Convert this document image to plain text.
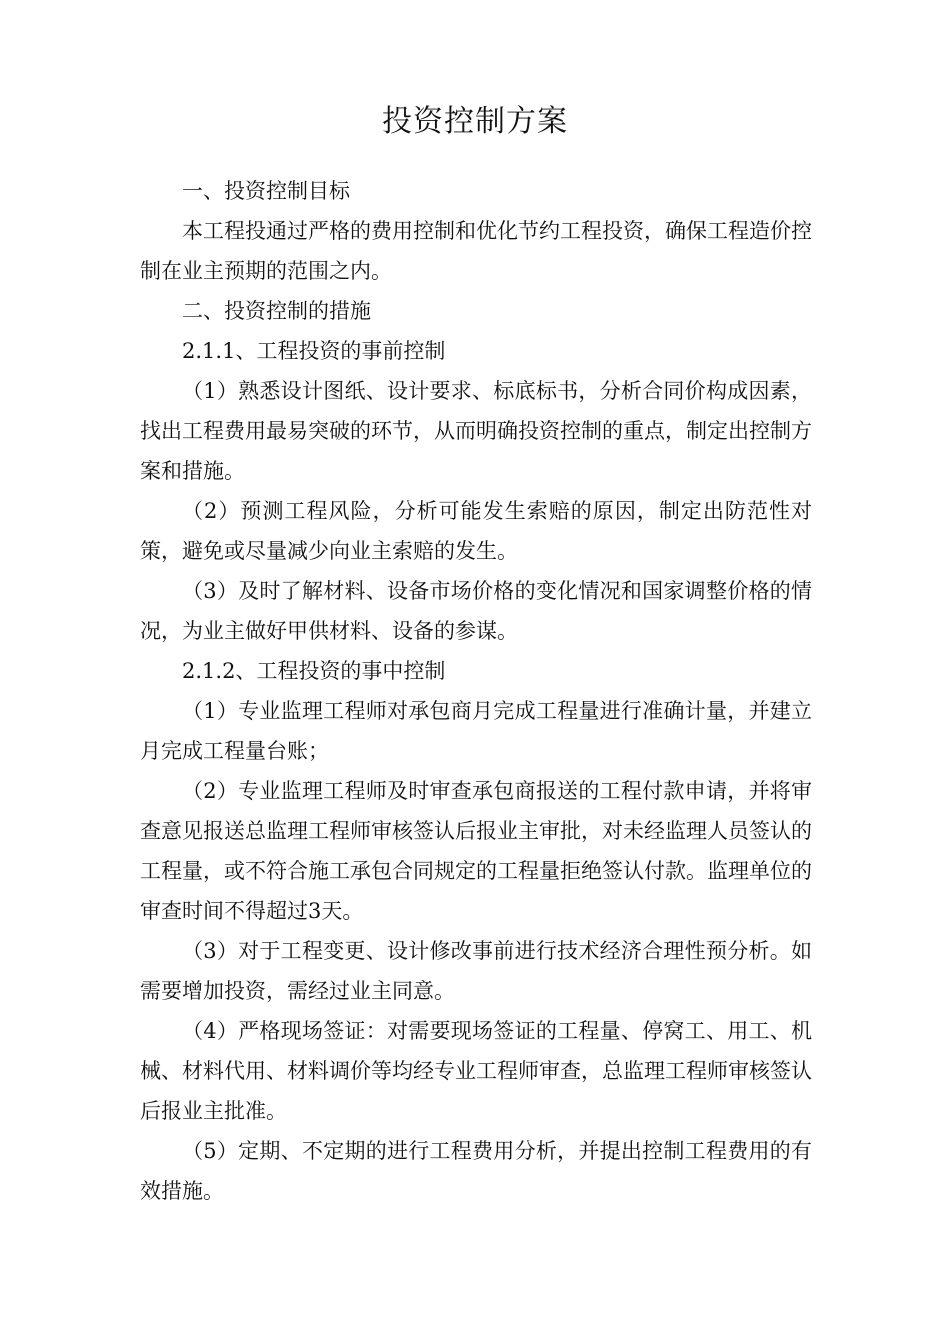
投资控制方案

一、投资控制目标

本工程投通过严格的费用控制和优化节约工程投资，确保工程造价控制在业主预期的范围之内。

二、投资控制的措施

2.1.1、工程投资的事前控制

（1）熟悉设计图纸、设计要求、标底标书，分析合同价构成因素，找出工程费用最易突破的环节，从而明确投资控制的重点，制定出控制方案和措施。

（2）预测工程风险，分析可能发生索赔的原因，制定出防范性对策，避免或尽量减少向业主索赔的发生。

（3）及时了解材料、设备市场价格的变化情况和国家调整价格的情况，为业主做好甲供材料、设备的参谋。

2.1.2、工程投资的事中控制

（1）专业监理工程师对承包商月完成工程量进行准确计量，并建立月完成工程量台账；

（2）专业监理工程师及时审查承包商报送的工程付款申请，并将审查意见报送总监理工程师审核签认后报业主审批，对未经监理人员签认的工程量，或不符合施工承包合同规定的工程量拒绝签认付款。监理单位的审查时间不得超过3天。

（3）对于工程变更、设计修改事前进行技术经济合理性预分析。如需要增加投资，需经过业主同意。

（4）严格现场签证：对需要现场签证的工程量、停窝工、用工、机械、材料代用、材料调价等均经专业工程师审查，总监理工程师审核签认后报业主批准。

（5）定期、不定期的进行工程费用分析，并提出控制工程费用的有效措施。
